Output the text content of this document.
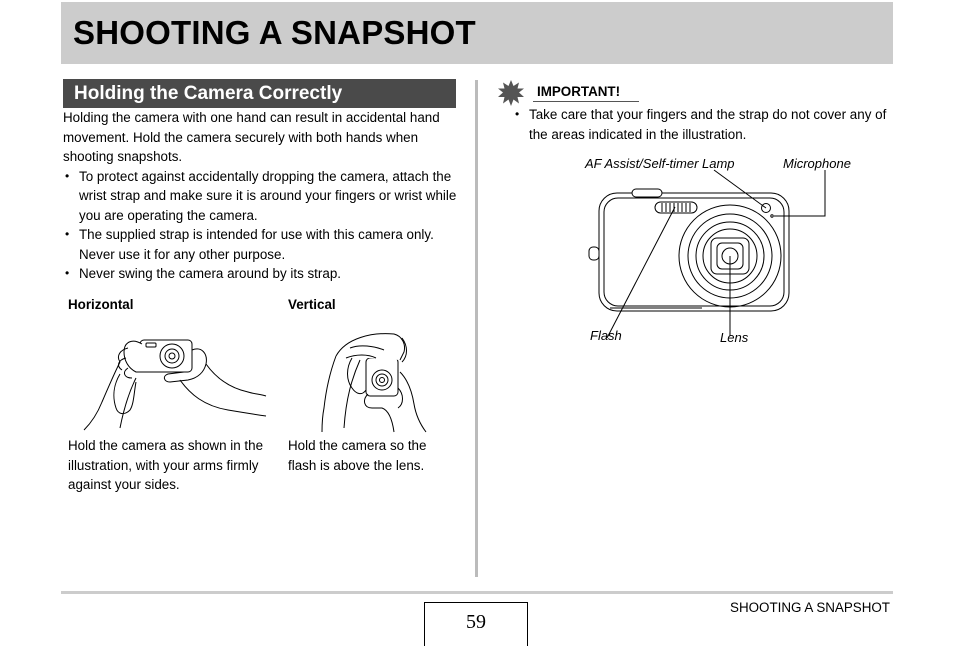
SHOOTING A SNAPSHOT
Holding the Camera Correctly

Holding the camera with one hand can result in accidental hand movement. Hold the camera securely with both hands when shooting snapshots.

• To protect against accidentally dropping the camera, attach the wrist strap and make sure it is around your fingers or wrist while you are operating the camera.
• The supplied strap is intended for use with this camera only. Never use it for any other purpose.
• Never swing the camera around by its strap.
Horizontal	Vertical
Hold the camera as shown in the illustration, with your arms firmly against your sides.
Hold the camera so the flash is above the lens.
IMPORTANT!
• Take care that your fingers and the strap do not cover any of the areas indicated in the illustration.
AF Assist/Self-timer Lamp	Microphone
Flash	Lens
59
SHOOTING A SNAPSHOT
